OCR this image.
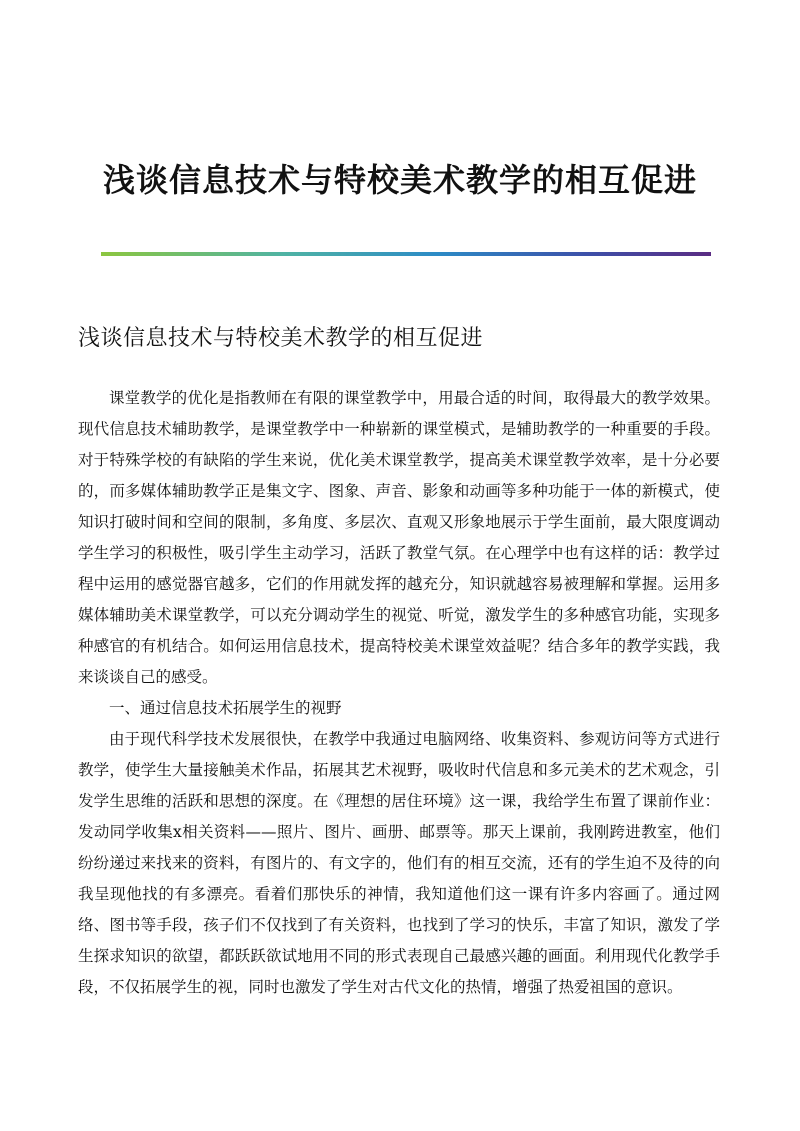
浅谈信息技术与特校美术教学的相互促进
浅谈信息技术与特校美术教学的相互促进

课堂教学的优化是指教师在有限的课堂教学中，用最合适的时间，取得最大的教学效果。现代信息技术辅助教学，是课堂教学中一种崭新的课堂模式，是辅助教学的一种重要的手段。对于特殊学校的有缺陷的学生来说，优化美术课堂教学，提高美术课堂教学效率，是十分必要的，而多媒体辅助教学正是集文字、图象、声音、影象和动画等多种功能于一体的新模式，使知识打破时间和空间的限制，多角度、多层次、直观又形象地展示于学生面前，最大限度调动学生学习的积极性，吸引学生主动学习，活跃了教堂气氛。在心理学中也有这样的话：教学过程中运用的感觉器官越多，它们的作用就发挥的越充分，知识就越容易被理解和掌握。运用多媒体辅助美术课堂教学，可以充分调动学生的视觉、听觉，激发学生的多种感官功能，实现多种感官的有机结合。如何运用信息技术，提高特校美术课堂效益呢？结合多年的教学实践，我来谈谈自己的感受。

一、通过信息技术拓展学生的视野

由于现代科学技术发展很快，在教学中我通过电脑网络、收集资料、参观访问等方式进行教学，使学生大量接触美术作品，拓展其艺术视野，吸收时代信息和多元美术的艺术观念，引发学生思维的活跃和思想的深度。在《理想的居住环境》这一课，我给学生布置了课前作业：发动同学收集x相关资料——照片、图片、画册、邮票等。那天上课前，我刚跨进教室，他们纷纷递过来找来的资料，有图片的、有文字的，他们有的相互交流，还有的学生迫不及待的向我呈现他找的有多漂亮。看着们那快乐的神情，我知道他们这一课有许多内容画了。通过网络、图书等手段，孩子们不仅找到了有关资料，也找到了学习的快乐，丰富了知识，激发了学生探求知识的欲望，都跃跃欲试地用不同的形式表现自己最感兴趣的画面。利用现代化教学手段，不仅拓展学生的视，同时也激发了学生对古代文化的热情，增强了热爱祖国的意识。
